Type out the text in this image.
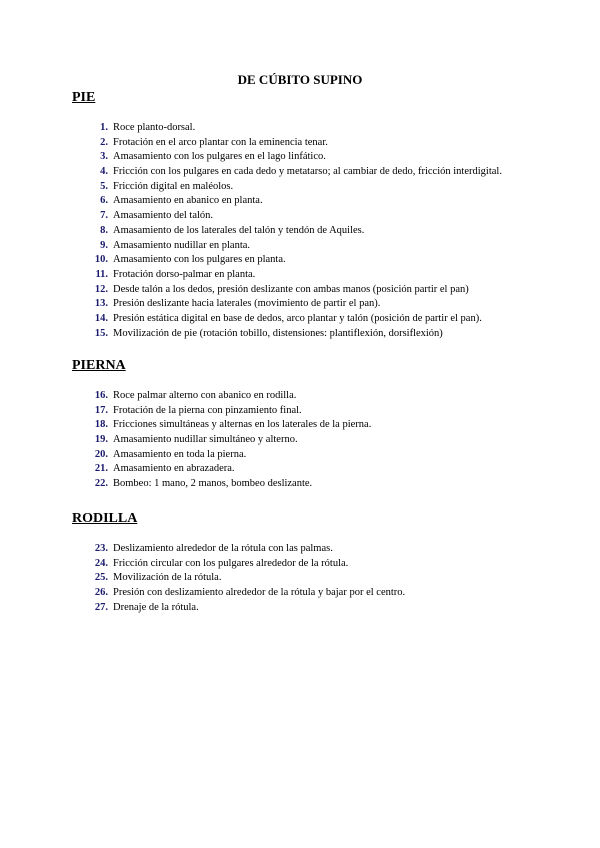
DE CÚBITO SUPINO
PIE
1. Roce planto-dorsal.
2. Frotación en el arco plantar con la eminencia tenar.
3. Amasamiento con los pulgares en el lago linfático.
4. Fricción con los pulgares en cada dedo y metatarso; al cambiar de dedo, fricción interdigital.
5. Fricción digital en maléolos.
6. Amasamiento en abanico en planta.
7. Amasamiento del talón.
8. Amasamiento de los laterales del talón y tendón de Aquiles.
9. Amasamiento nudillar en planta.
10. Amasamiento con los pulgares en planta.
11. Frotación dorso-palmar en planta.
12. Desde talón a los dedos, presión deslizante con ambas manos (posición partir el pan)
13. Presión deslizante hacia laterales (movimiento de partir el pan).
14. Presión estática digital en base de dedos, arco plantar y talón (posición de partir el pan).
15. Movilización de pie (rotación tobillo, distensiones: plantiflexión, dorsiflexión)
PIERNA
16. Roce palmar alterno con abanico en rodilla.
17. Frotación de la pierna con pinzamiento final.
18. Fricciones simultáneas y alternas en los laterales de la pierna.
19. Amasamiento nudillar simultáneo y alterno.
20. Amasamiento en toda la pierna.
21. Amasamiento en abrazadera.
22. Bombeo: 1 mano, 2 manos, bombeo deslizante.
RODILLA
23. Deslizamiento alrededor de la rótula con las palmas.
24. Fricción circular con los pulgares alrededor de la rótula.
25. Movilización de la rótula.
26. Presión con deslizamiento alrededor de la rótula y bajar por el centro.
27. Drenaje de la rótula.
